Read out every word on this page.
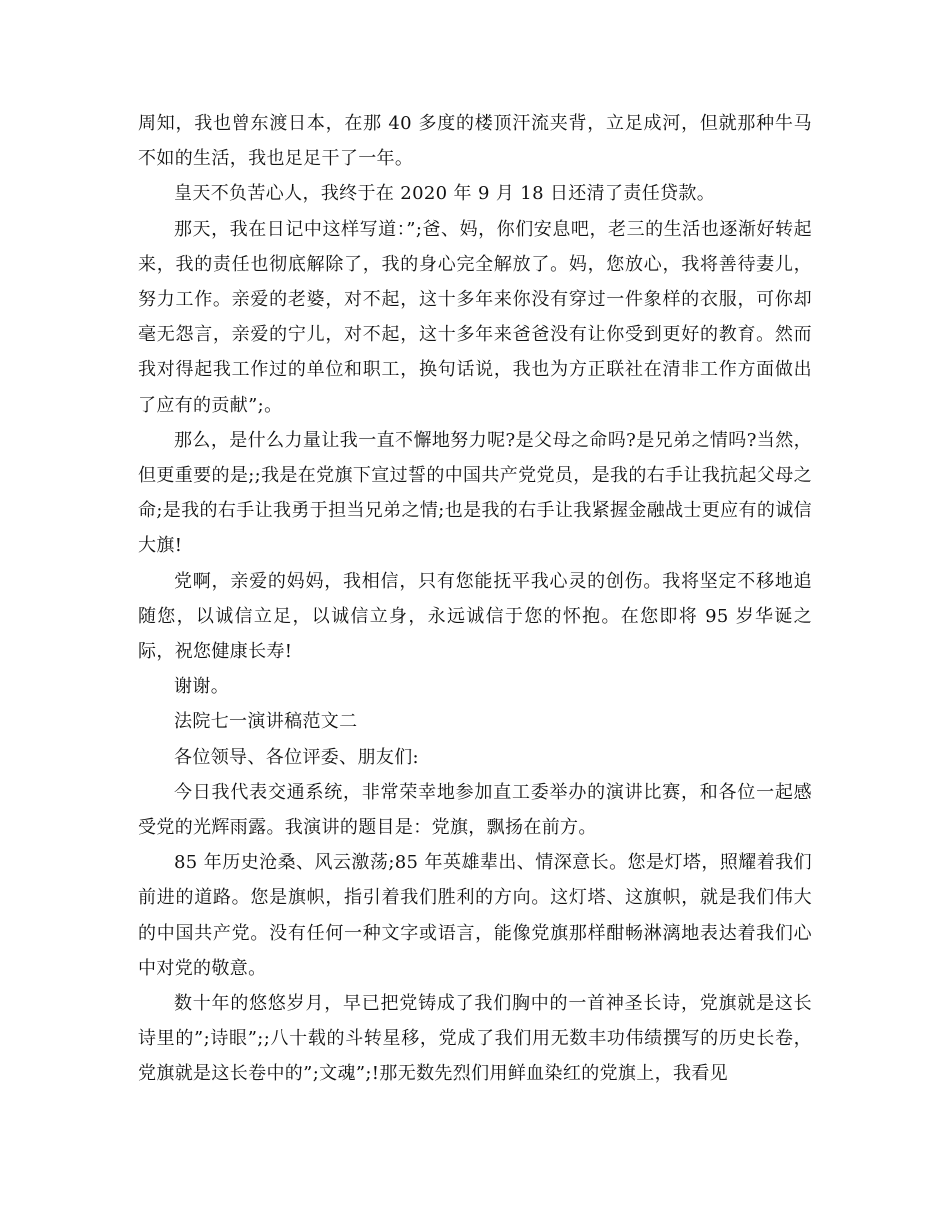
周知，我也曾东渡日本，在那 40 多度的楼顶汗流夹背，立足成河，但就那种牛马不如的生活，我也足足干了一年。

皇天不负苦心人，我终于在 2020 年 9 月 18 日还清了责任贷款。

那天，我在日记中这样写道：”;爸、妈，你们安息吧，老三的生活也逐渐好转起来，我的责任也彻底解除了，我的身心完全解放了。妈，您放心，我将善待妻儿，努力工作。亲爱的老婆，对不起，这十多年来你没有穿过一件象样的衣服，可你却毫无怨言，亲爱的宁儿，对不起，这十多年来爸爸没有让你受到更好的教育。然而我对得起我工作过的单位和职工，换句话说，我也为方正联社在清非工作方面做出了应有的贡献”;。

那么，是什么力量让我一直不懈地努力呢?是父母之命吗?是兄弟之情吗?当然，但更重要的是;;我是在党旗下宣过誓的中国共产党党员，是我的右手让我抗起父母之命;是我的右手让我勇于担当兄弟之情;也是我的右手让我紧握金融战士更应有的诚信大旗!

党啊，亲爱的妈妈，我相信，只有您能抚平我心灵的创伤。我将坚定不移地追随您，以诚信立足，以诚信立身，永远诚信于您的怀抱。在您即将 95 岁华诞之际，祝您健康长寿!

谢谢。

法院七一演讲稿范文二

各位领导、各位评委、朋友们:

今日我代表交通系统，非常荣幸地参加直工委举办的演讲比赛，和各位一起感受党的光辉雨露。我演讲的题目是：党旗，飘扬在前方。

85 年历史沧桑、风云激荡;85 年英雄辈出、情深意长。您是灯塔，照耀着我们前进的道路。您是旗帜，指引着我们胜利的方向。这灯塔、这旗帜，就是我们伟大的中国共产党。没有任何一种文字或语言，能像党旗那样酣畅淋漓地表达着我们心中对党的敬意。

数十年的悠悠岁月，早已把党铸成了我们胸中的一首神圣长诗，党旗就是这长诗里的”;诗眼”;;八十载的斗转星移，党成了我们用无数丰功伟绩撰写的历史长卷，党旗就是这长卷中的”;文魂”;!那无数先烈们用鲜血染红的党旗上，我看见
